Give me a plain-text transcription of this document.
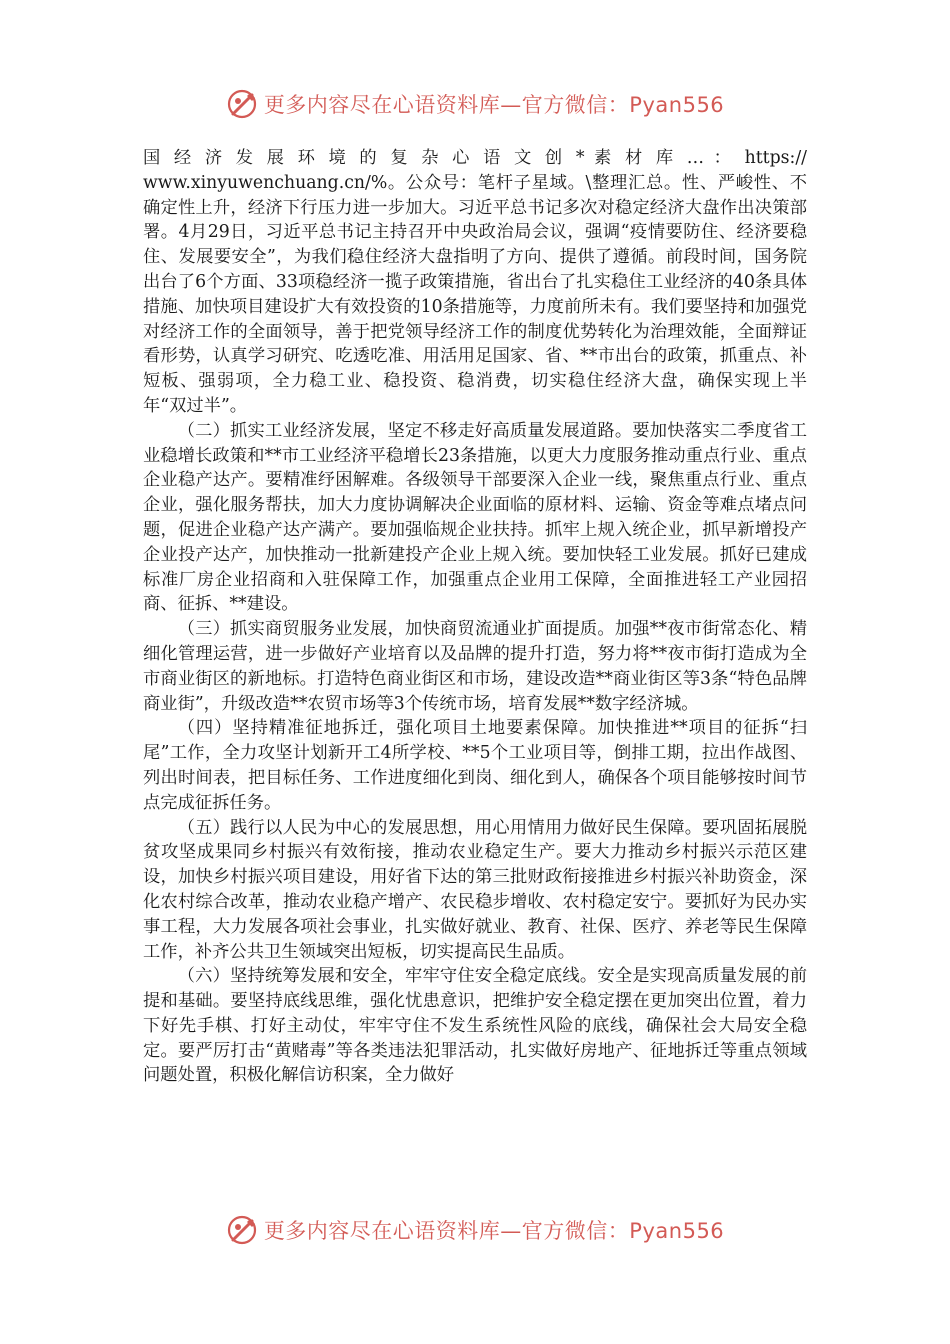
更多内容尽在心语资料库—官方微信：Pyan556

国 经 济 发 展 环 境 的 复 杂 心 语 文 创 * 素 材 库 … ： https://

www.xinyuwenchuang.cn/%。公众号：笔杆子星域。\整理汇总。性、严峻性、不确定性上升，经济下行压力进一步加大。习近平总书记多次对稳定经济大盘作出决策部署。4月29日，习近平总书记主持召开中央政治局会议，强调“疫情要防住、经济要稳住、发展要安全”，为我们稳住经济大盘指明了方向、提供了遵循。前段时间，国务院出台了6个方面、33项稳经济一揽子政策措施，省出台了扎实稳住工业经济的40条具体措施、加快项目建设扩大有效投资的10条措施等，力度前所未有。我们要坚持和加强党对经济工作的全面领导，善于把党领导经济工作的制度优势转化为治理效能，全面辩证看形势，认真学习研究、吃透吃准、用活用足国家、省、**市出台的政策，抓重点、补短板、强弱项，全力稳工业、稳投资、稳消费，切实稳住经济大盘，确保实现上半年“双过半”。

（二）抓实工业经济发展，坚定不移走好高质量发展道路。要加快落实二季度省工业稳增长政策和**市工业经济平稳增长23条措施，以更大力度服务推动重点行业、重点企业稳产达产。要精准纾困解难。各级领导干部要深入企业一线，聚焦重点行业、重点企业，强化服务帮扶，加大力度协调解决企业面临的原材料、运输、资金等难点堵点问题，促进企业稳产达产满产。要加强临规企业扶持。抓牢上规入统企业，抓早新增投产企业投产达产，加快推动一批新建投产企业上规入统。要加快轻工业发展。抓好已建成标准厂房企业招商和入驻保障工作，加强重点企业用工保障，全面推进轻工产业园招商、征拆、**建设。

（三）抓实商贸服务业发展，加快商贸流通业扩面提质。加强**夜市街常态化、精细化管理运营，进一步做好产业培育以及品牌的提升打造，努力将**夜市街打造成为全市商业街区的新地标。打造特色商业街区和市场，建设改造**商业街区等3条“特色品牌商业街”，升级改造**农贸市场等3个传统市场，培育发展**数字经济城。

（四）坚持精准征地拆迁，强化项目土地要素保障。加快推进**项目的征拆“扫尾”工作，全力攻坚计划新开工4所学校、**5个工业项目等，倒排工期，拉出作战图、列出时间表，把目标任务、工作进度细化到岗、细化到人，确保各个项目能够按时间节点完成征拆任务。

（五）践行以人民为中心的发展思想，用心用情用力做好民生保障。要巩固拓展脱贫攻坚成果同乡村振兴有效衔接，推动农业稳定生产。要大力推动乡村振兴示范区建设，加快乡村振兴项目建设，用好省下达的第三批财政衔接推进乡村振兴补助资金，深化农村综合改革，推动农业稳产增产、农民稳步增收、农村稳定安宁。要抓好为民办实事工程，大力发展各项社会事业，扎实做好就业、教育、社保、医疗、养老等民生保障工作，补齐公共卫生领域突出短板，切实提高民生品质。

（六）坚持统筹发展和安全，牢牢守住安全稳定底线。安全是实现高质量发展的前提和基础。要坚持底线思维，强化忧患意识，把维护安全稳定摆在更加突出位置，着力下好先手棋、打好主动仗，牢牢守住不发生系统性风险的底线，确保社会大局安全稳定。要严厉打击“黄赌毒”等各类违法犯罪活动，扎实做好房地产、征地拆迁等重点领域问题处置，积极化解信访积案，全力做好

更多内容尽在心语资料库—官方微信：Pyan556
